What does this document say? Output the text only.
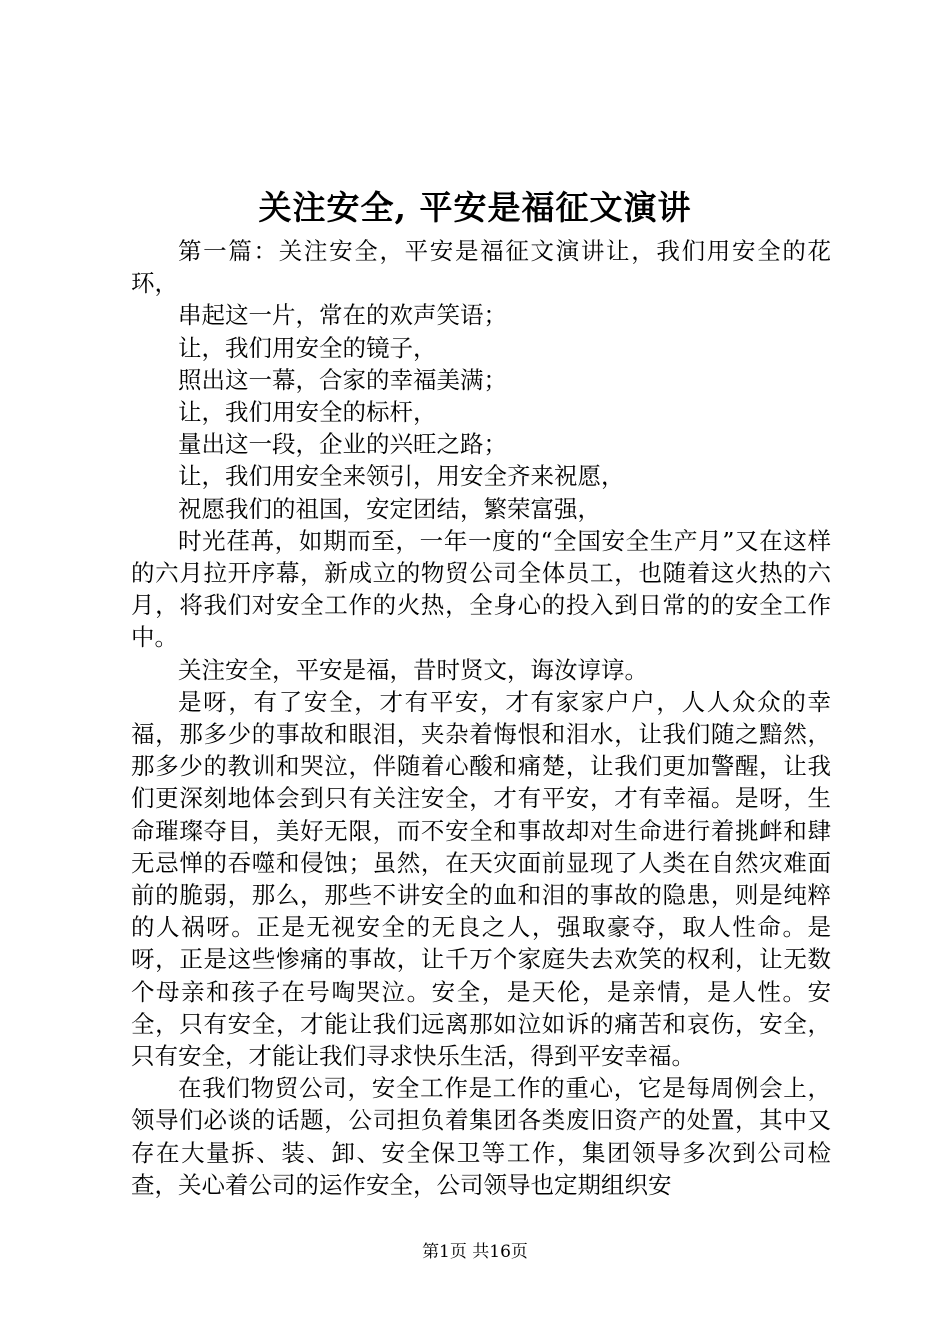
关注安全, 平安是福征文演讲

第一篇：关注安全，平安是福征文演讲让，我们用安全的花环，

串起这一片，常在的欢声笑语；

让，我们用安全的镜子，

照出这一幕，合家的幸福美满；

让，我们用安全的标杆，

量出这一段，企业的兴旺之路；

让，我们用安全来领引，用安全齐来祝愿，

祝愿我们的祖国，安定团结，繁荣富强，

时光荏苒，如期而至，一年一度的“全国安全生产月”又在这样的六月拉开序幕，新成立的物贸公司全体员工，也随着这火热的六月，将我们对安全工作的火热，全身心的投入到日常的的安全工作中。

关注安全，平安是福，昔时贤文，诲汝谆谆。

是呀，有了安全，才有平安，才有家家户户，人人众众的幸福，那多少的事故和眼泪，夹杂着悔恨和泪水，让我们随之黯然，那多少的教训和哭泣，伴随着心酸和痛楚，让我们更加警醒，让我们更深刻地体会到只有关注安全，才有平安，才有幸福。是呀，生命璀璨夺目，美好无限，而不安全和事故却对生命进行着挑衅和肆无忌惮的吞噬和侵蚀；虽然，在天灾面前显现了人类在自然灾难面前的脆弱，那么，那些不讲安全的血和泪的事故的隐患，则是纯粹的人祸呀。正是无视安全的无良之人，强取豪夺，取人性命。是呀，正是这些惨痛的事故，让千万个家庭失去欢笑的权利，让无数个母亲和孩子在号啕哭泣。安全，是天伦，是亲情，是人性。安全，只有安全，才能让我们远离那如泣如诉的痛苦和哀伤，安全，只有安全，才能让我们寻求快乐生活，得到平安幸福。

在我们物贸公司，安全工作是工作的重心，它是每周例会上，领导们必谈的话题，公司担负着集团各类废旧资产的处置，其中又存在大量拆、装、卸、安全保卫等工作，集团领导多次到公司检查，关心着公司的运作安全，公司领导也定期组织安

第1页 共16页
